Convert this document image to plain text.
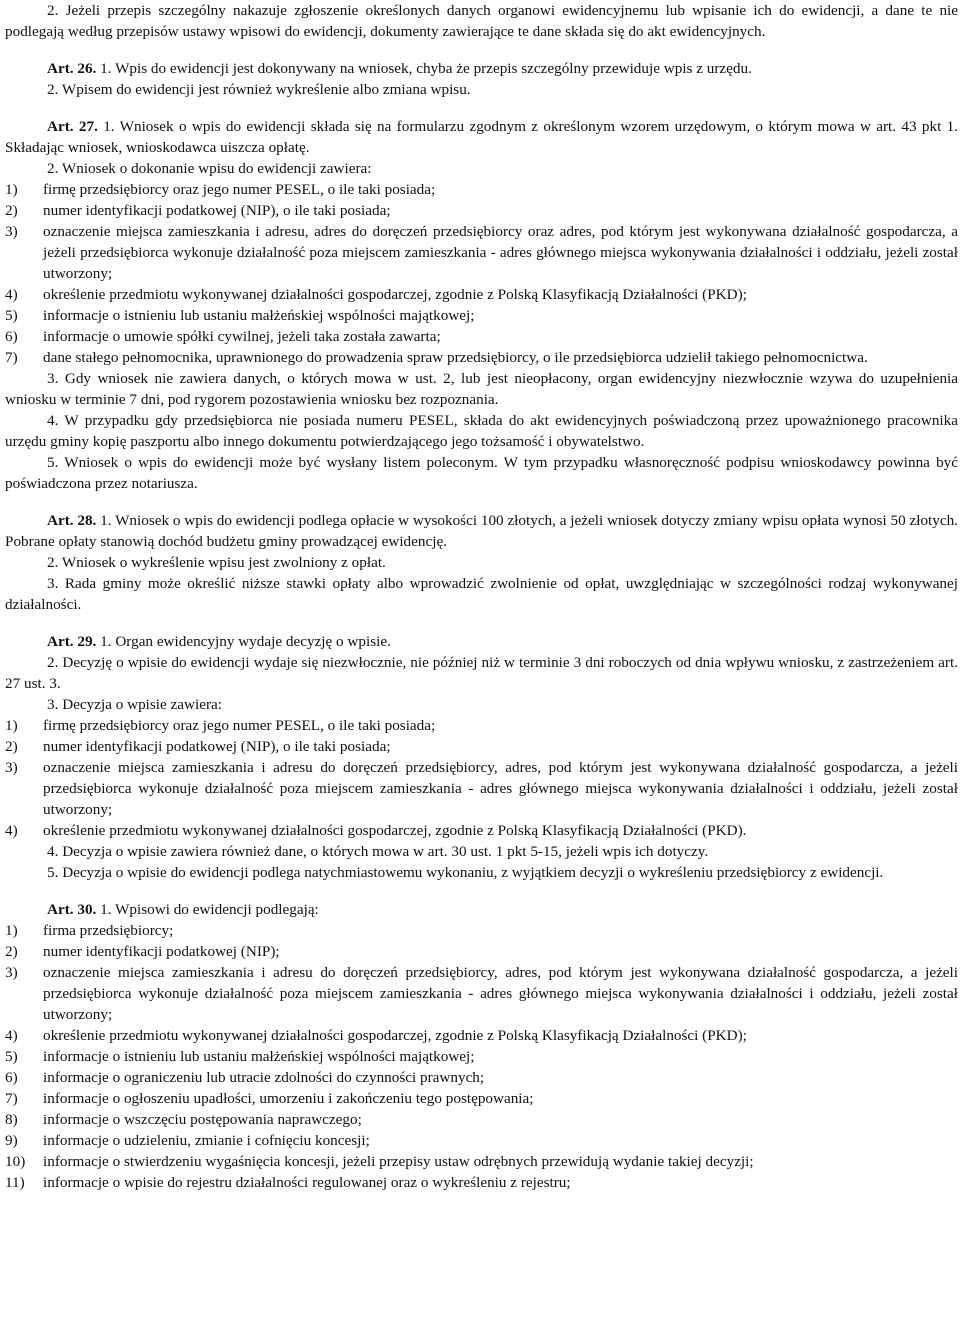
2. Jeżeli przepis szczególny nakazuje zgłoszenie określonych danych organowi ewidencyjnemu lub wpisanie ich do ewidencji, a dane te nie podlegają według przepisów ustawy wpisowi do ewidencji, dokumenty zawierające te dane składa się do akt ewidencyjnych.

Art. 26. 1. Wpis do ewidencji jest dokonywany na wniosek, chyba że przepis szczególny przewiduje wpis z urzędu.

2. Wpisem do ewidencji jest również wykreślenie albo zmiana wpisu.

Art. 27. 1. Wniosek o wpis do ewidencji składa się na formularzu zgodnym z określonym wzorem urzędowym, o którym mowa w art. 43 pkt 1. Składając wniosek, wnioskodawca uiszcza opłatę.

2. Wniosek o dokonanie wpisu do ewidencji zawiera:

1)	firmę przedsiębiorcy oraz jego numer PESEL, o ile taki posiada;
2)	numer identyfikacji podatkowej (NIP), o ile taki posiada;
3)	oznaczenie miejsca zamieszkania i adresu, adres do doręczeń przedsiębiorcy oraz adres, pod którym jest wykonywana działalność gospodarcza, a jeżeli przedsiębiorca wykonuje działalność poza miejscem zamieszkania - adres głównego miejsca wykonywania działalności i oddziału, jeżeli został utworzony;
4)	określenie przedmiotu wykonywanej działalności gospodarczej, zgodnie z Polską Klasyfikacją Działalności (PKD);
5)	informacje o istnieniu lub ustaniu małżeńskiej wspólności majątkowej;
6)	informacje o umowie spółki cywilnej, jeżeli taka została zawarta;
7)	dane stałego pełnomocnika, uprawnionego do prowadzenia spraw przedsiębiorcy, o ile przedsiębiorca udzielił takiego pełnomocnictwa.

3. Gdy wniosek nie zawiera danych, o których mowa w ust. 2, lub jest nieopłacony, organ ewidencyjny niezwłocznie wzywa do uzupełnienia wniosku w terminie 7 dni, pod rygorem pozostawienia wniosku bez rozpoznania.

4. W przypadku gdy przedsiębiorca nie posiada numeru PESEL, składa do akt ewidencyjnych poświadczoną przez upoważnionego pracownika urzędu gminy kopię paszportu albo innego dokumentu potwierdzającego jego tożsamość i obywatelstwo.

5. Wniosek o wpis do ewidencji może być wysłany listem poleconym. W tym przypadku własnoręczność podpisu wnioskodawcy powinna być poświadczona przez notariusza.

Art. 28. 1. Wniosek o wpis do ewidencji podlega opłacie w wysokości 100 złotych, a jeżeli wniosek dotyczy zmiany wpisu opłata wynosi 50 złotych. Pobrane opłaty stanowią dochód budżetu gminy prowadzącej ewidencję.

2. Wniosek o wykreślenie wpisu jest zwolniony z opłat.

3. Rada gminy może określić niższe stawki opłaty albo wprowadzić zwolnienie od opłat, uwzględniając w szczególności rodzaj wykonywanej działalności.

Art. 29. 1. Organ ewidencyjny wydaje decyzję o wpisie.

2. Decyzję o wpisie do ewidencji wydaje się niezwłocznie, nie później niż w terminie 3 dni roboczych od dnia wpływu wniosku, z zastrzeżeniem art. 27 ust. 3.

3. Decyzja o wpisie zawiera:

1)	firmę przedsiębiorcy oraz jego numer PESEL, o ile taki posiada;
2)	numer identyfikacji podatkowej (NIP), o ile taki posiada;
3)	oznaczenie miejsca zamieszkania i adresu do doręczeń przedsiębiorcy, adres, pod którym jest wykonywana działalność gospodarcza, a jeżeli przedsiębiorca wykonuje działalność poza miejscem zamieszkania - adres głównego miejsca wykonywania działalności i oddziału, jeżeli został utworzony;
4)	określenie przedmiotu wykonywanej działalności gospodarczej, zgodnie z Polską Klasyfikacją Działalności (PKD).

4. Decyzja o wpisie zawiera również dane, o których mowa w art. 30 ust. 1 pkt 5-15, jeżeli wpis ich dotyczy.

5. Decyzja o wpisie do ewidencji podlega natychmiastowemu wykonaniu, z wyjątkiem decyzji o wykreśleniu przedsiębiorcy z ewidencji.

Art. 30. 1. Wpisowi do ewidencji podlegają:

1)	firma przedsiębiorcy;
2)	numer identyfikacji podatkowej (NIP);
3)	oznaczenie miejsca zamieszkania i adresu do doręczeń przedsiębiorcy, adres, pod którym jest wykonywana działalność gospodarcza, a jeżeli przedsiębiorca wykonuje działalność poza miejscem zamieszkania - adres głównego miejsca wykonywania działalności i oddziału, jeżeli został utworzony;
4)	określenie przedmiotu wykonywanej działalności gospodarczej, zgodnie z Polską Klasyfikacją Działalności (PKD);
5)	informacje o istnieniu lub ustaniu małżeńskiej wspólności majątkowej;
6)	informacje o ograniczeniu lub utracie zdolności do czynności prawnych;
7)	informacje o ogłoszeniu upadłości, umorzeniu i zakończeniu tego postępowania;
8)	informacje o wszczęciu postępowania naprawczego;
9)	informacje o udzieleniu, zmianie i cofnięciu koncesji;
10)	informacje o stwierdzeniu wygaśnięcia koncesji, jeżeli przepisy ustaw odrębnych przewidują wydanie takiej decyzji;
11)	informacje o wpisie do rejestru działalności regulowanej oraz o wykreśleniu z rejestru;
